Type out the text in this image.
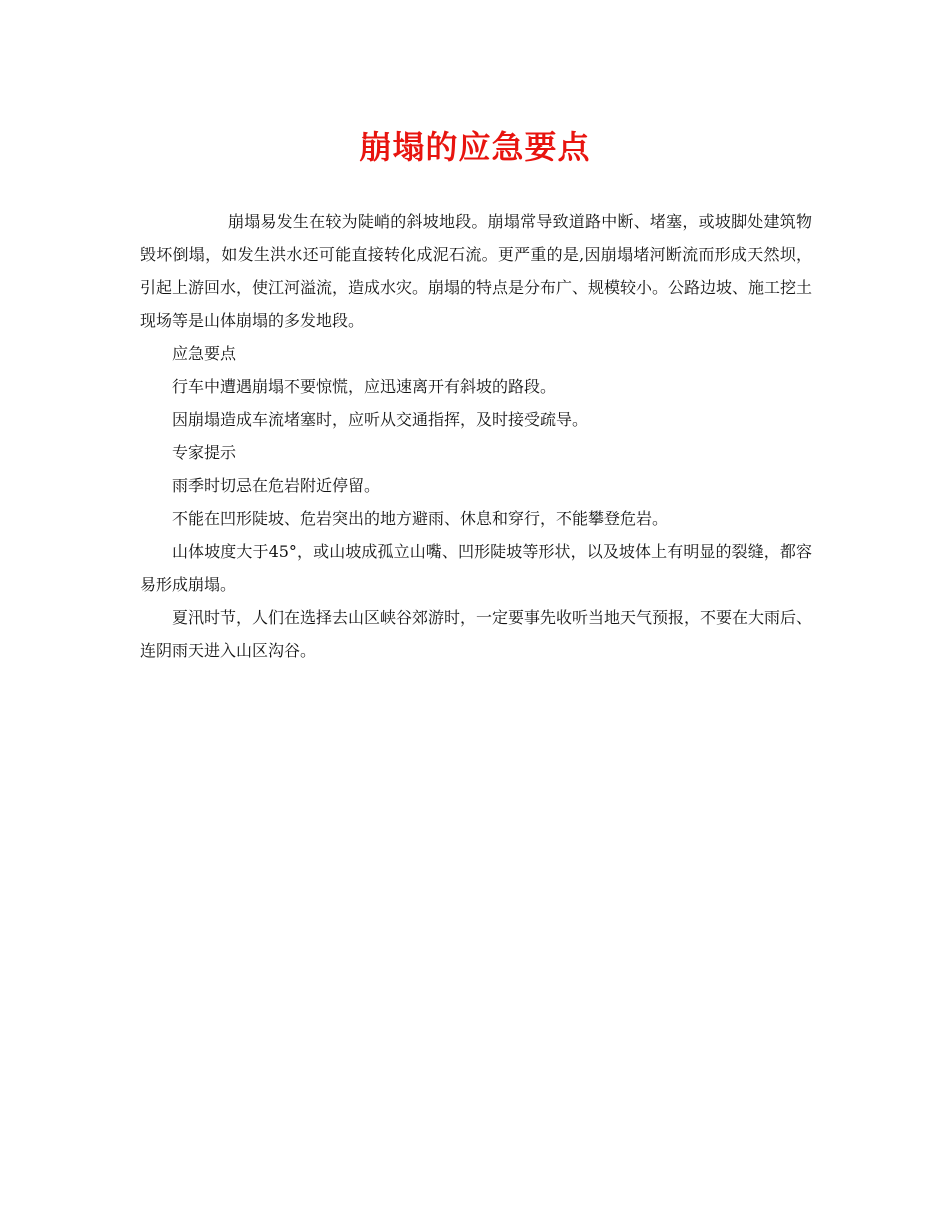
崩塌的应急要点

崩塌易发生在较为陡峭的斜坡地段。崩塌常导致道路中断、堵塞，或坡脚处建筑物毁坏倒塌，如发生洪水还可能直接转化成泥石流。更严重的是,因崩塌堵河断流而形成天然坝，引起上游回水，使江河溢流，造成水灾。崩塌的特点是分布广、规模较小。公路边坡、施工挖土现场等是山体崩塌的多发地段。

应急要点

行车中遭遇崩塌不要惊慌，应迅速离开有斜坡的路段。

因崩塌造成车流堵塞时，应听从交通指挥，及时接受疏导。

专家提示

雨季时切忌在危岩附近停留。

不能在凹形陡坡、危岩突出的地方避雨、休息和穿行，不能攀登危岩。

山体坡度大于45°，或山坡成孤立山嘴、凹形陡坡等形状，以及坡体上有明显的裂缝，都容易形成崩塌。

夏汛时节，人们在选择去山区峡谷郊游时，一定要事先收听当地天气预报，不要在大雨后、连阴雨天进入山区沟谷。
